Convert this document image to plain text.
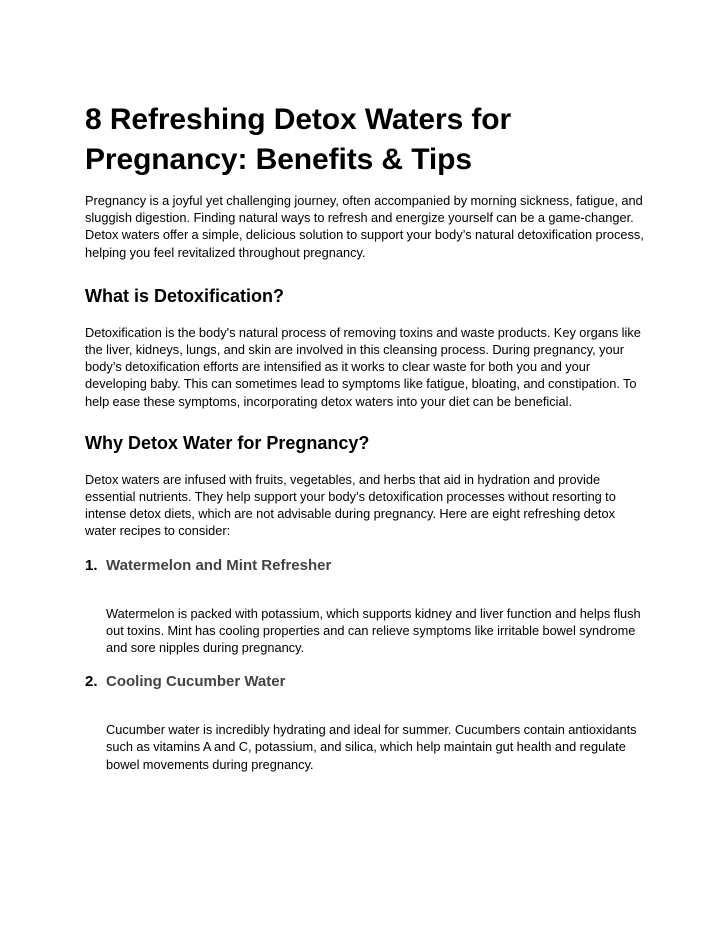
8 Refreshing Detox Waters for Pregnancy: Benefits & Tips

Pregnancy is a joyful yet challenging journey, often accompanied by morning sickness, fatigue, and sluggish digestion. Finding natural ways to refresh and energize yourself can be a game-changer. Detox waters offer a simple, delicious solution to support your body’s natural detoxification process, helping you feel revitalized throughout pregnancy.

What is Detoxification?

Detoxification is the body's natural process of removing toxins and waste products. Key organs like the liver, kidneys, lungs, and skin are involved in this cleansing process. During pregnancy, your body’s detoxification efforts are intensified as it works to clear waste for both you and your developing baby. This can sometimes lead to symptoms like fatigue, bloating, and constipation. To help ease these symptoms, incorporating detox waters into your diet can be beneficial.

Why Detox Water for Pregnancy?

Detox waters are infused with fruits, vegetables, and herbs that aid in hydration and provide essential nutrients. They help support your body’s detoxification processes without resorting to intense detox diets, which are not advisable during pregnancy. Here are eight refreshing detox water recipes to consider:

1. Watermelon and Mint Refresher

Watermelon is packed with potassium, which supports kidney and liver function and helps flush out toxins. Mint has cooling properties and can relieve symptoms like irritable bowel syndrome and sore nipples during pregnancy.

2. Cooling Cucumber Water

Cucumber water is incredibly hydrating and ideal for summer. Cucumbers contain antioxidants such as vitamins A and C, potassium, and silica, which help maintain gut health and regulate bowel movements during pregnancy.
